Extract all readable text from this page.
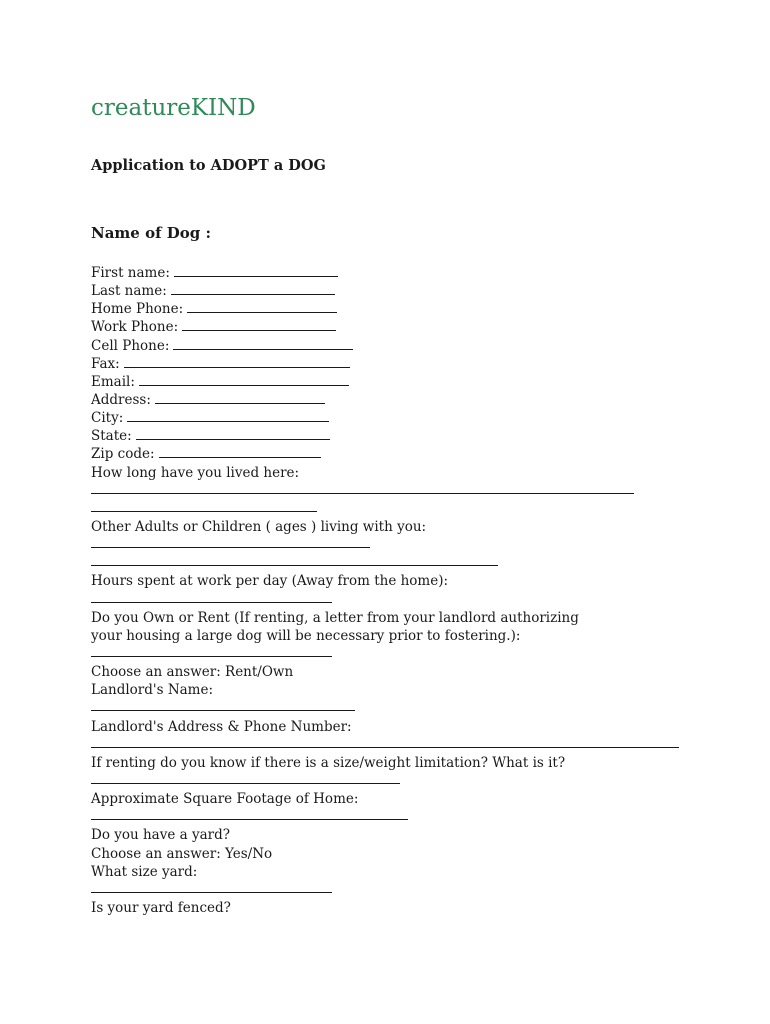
creatureKIND
Application to ADOPT a DOG
Name of Dog :
First name:
Last name:
Home Phone:
Work Phone:
Cell Phone:
Fax:
Email:
Address:
City:
State:
Zip code:
How long have you lived here:
Other Adults or Children ( ages ) living with you:
Hours spent at work per day (Away from the home):
Do you Own or Rent (If renting, a letter from your landlord authorizing
your housing a large dog will be necessary prior to fostering.):
Choose an answer: Rent/Own
Landlord's Name:
Landlord's Address & Phone Number:
If renting do you know if there is a size/weight limitation? What is it?
Approximate Square Footage of Home:
Do you have a yard?
Choose an answer: Yes/No
What size yard:
Is your yard fenced?
